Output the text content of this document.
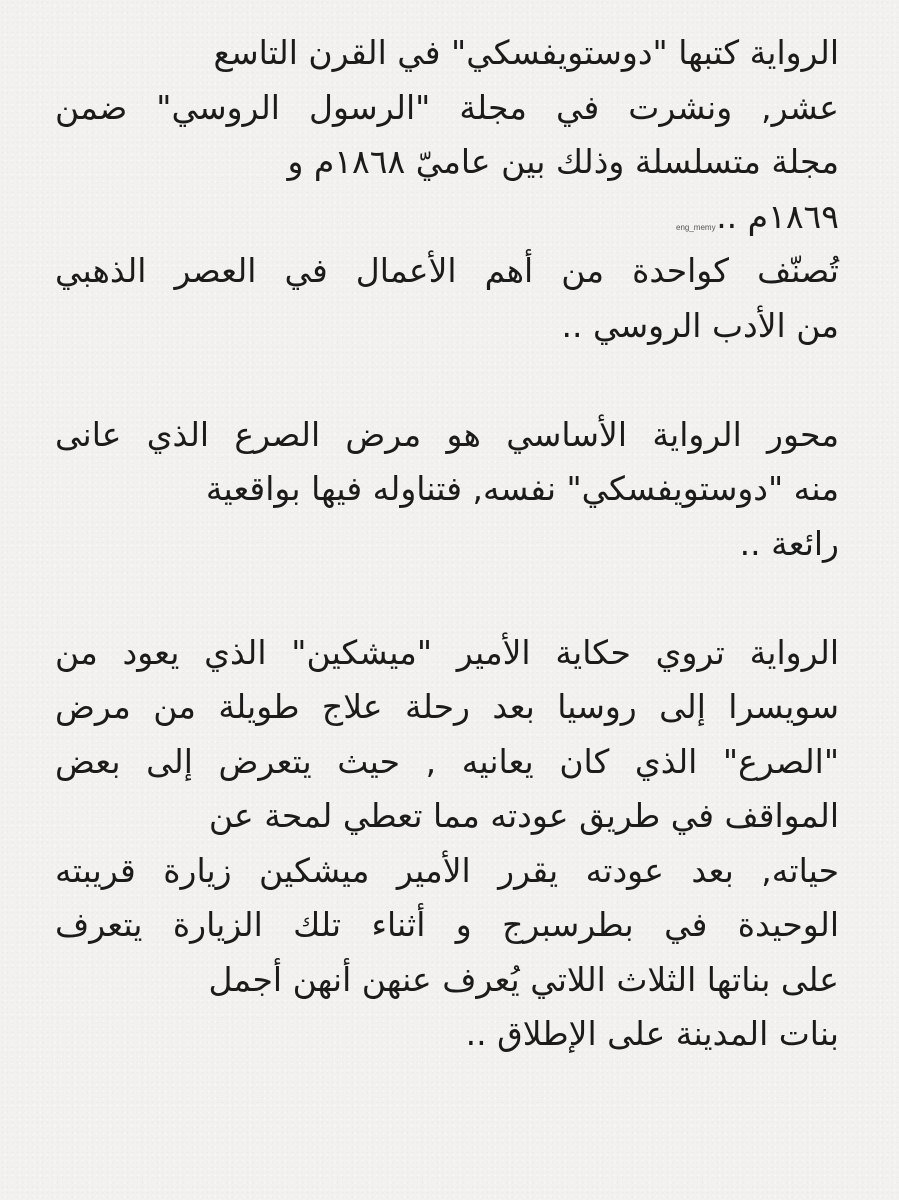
الرواية كتبها "دوستويفسكي" في القرن التاسع
عشر, ونشرت في مجلة "الرسول الروسي" ضمن
مجلة متسلسلة وذلك بين عاميّ ١٨٦٨م و
١٨٦٩م ..
تُصنّف كواحدة من أهم الأعمال في العصر الذهبي
من الأدب الروسي ..
محور الرواية الأساسي هو مرض الصرع الذي عانى
منه "دوستويفسكي" نفسه, فتناوله فيها بواقعية
رائعة ..
الرواية تروي حكاية الأمير "ميشكين" الذي يعود من
سويسرا إلى روسيا بعد رحلة علاج طويلة من مرض
"الصرع" الذي كان يعانيه , حيث يتعرض إلى بعض
المواقف في طريق عودته مما تعطي لمحة عن
حياته, بعد عودته يقرر الأمير ميشكين زيارة قريبته
الوحيدة في بطرسبرج و أثناء تلك الزيارة يتعرف
على بناتها الثلاث اللاتي يُعرف عنهن أنهن أجمل
بنات المدينة على الإطلاق ..
eng_memy
